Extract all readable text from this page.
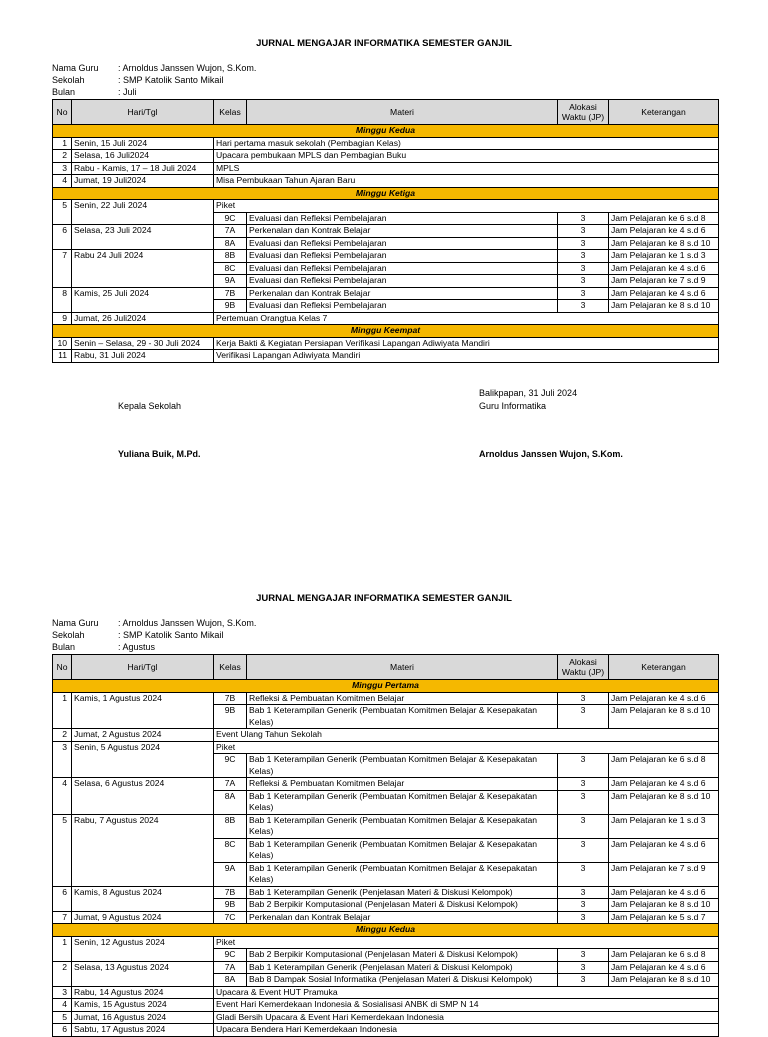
JURNAL MENGAJAR INFORMATIKA SEMESTER GANJIL
Nama Guru	: Arnoldus Janssen Wujon, S.Kom.
Sekolah	: SMP Katolik Santo Mikail
Bulan	: Juli
No	Hari/Tgl	Kelas	Materi	Alokasi Waktu (JP)	Keterangan
Minggu Kedua					
1	Senin, 15 Juli 2024	Hari pertama masuk sekolah (Pembagian Kelas)			
2	Selasa, 16 Juli2024	Upacara pembukaan MPLS dan Pembagian Buku			
3	Rabu - Kamis, 17 – 18 Juli 2024	MPLS			
4	Jumat, 19 Juli2024	Misa Pembukaan Tahun Ajaran Baru			
Minggu Ketiga					
5	Senin, 22 Juli 2024	Piket			
		9C	Evaluasi dan Refleksi Pembelajaran	3	Jam Pelajaran ke 6 s.d 8
6	Selasa, 23 Juli 2024	7A	Perkenalan dan Kontrak Belajar	3	Jam Pelajaran ke 4 s.d 6
		8A	Evaluasi dan Refleksi Pembelajaran	3	Jam Pelajaran ke 8 s.d 10
7	Rabu 24 Juli 2024	8B	Evaluasi dan Refleksi Pembelajaran	3	Jam Pelajaran ke 1 s.d 3
		8C	Evaluasi dan Refleksi Pembelajaran	3	Jam Pelajaran ke 4 s.d 6
		9A	Evaluasi dan Refleksi Pembelajaran	3	Jam Pelajaran ke 7 s.d 9
8	Kamis, 25 Juli 2024	7B	Perkenalan dan Kontrak Belajar	3	Jam Pelajaran ke 4 s.d 6
		9B	Evaluasi dan Refleksi Pembelajaran	3	Jam Pelajaran ke 8 s.d 10
9	Jumat, 26 Juli2024	Pertemuan Orangtua Kelas 7			
Minggu Keempat					
10	Senin – Selasa, 29 - 30 Juli 2024	Kerja Bakti & Kegiatan Persiapan Verifikasi Lapangan Adiwiyata Mandiri			
11	Rabu, 31 Juli 2024	Verifikasi Lapangan Adiwiyata Mandiri			
Balikpapan, 31 Juli 2024
Guru Informatika
Kepala Sekolah
Yuliana Buik, M.Pd.	Arnoldus Janssen Wujon, S.Kom.
JURNAL MENGAJAR INFORMATIKA SEMESTER GANJIL
Nama Guru	: Arnoldus Janssen Wujon, S.Kom.
Sekolah	: SMP Katolik Santo Mikail
Bulan	: Agustus
No	Hari/Tgl	Kelas	Materi	Alokasi Waktu (JP)	Keterangan
Minggu Pertama					
1	Kamis, 1 Agustus 2024	7B	Refleksi & Pembuatan Komitmen Belajar	3	Jam Pelajaran ke 4 s.d 6
		9B	Bab 1 Keterampilan Generik (Pembuatan Komitmen Belajar & Kesepakatan Kelas)	3	Jam Pelajaran ke 8 s.d 10
2	Jumat, 2 Agustus 2024	Event Ulang Tahun Sekolah			
3	Senin, 5 Agustus 2024	Piket			
		9C	Bab 1 Keterampilan Generik (Pembuatan Komitmen Belajar & Kesepakatan Kelas)	3	Jam Pelajaran ke 6 s.d 8
4	Selasa, 6 Agustus 2024	7A	Refleksi & Pembuatan Komitmen Belajar	3	Jam Pelajaran ke 4 s.d 6
		8A	Bab 1 Keterampilan Generik (Pembuatan Komitmen Belajar & Kesepakatan Kelas)	3	Jam Pelajaran ke 8 s.d 10
5	Rabu, 7 Agustus 2024	8B	Bab 1 Keterampilan Generik (Pembuatan Komitmen Belajar & Kesepakatan Kelas)	3	Jam Pelajaran ke 1 s.d 3
		8C	Bab 1 Keterampilan Generik (Pembuatan Komitmen Belajar & Kesepakatan Kelas)	3	Jam Pelajaran ke 4 s.d 6
		9A	Bab 1 Keterampilan Generik (Pembuatan Komitmen Belajar & Kesepakatan Kelas)	3	Jam Pelajaran ke 7 s.d 9
6	Kamis, 8 Agustus 2024	7B	Bab 1 Keterampilan Generik (Penjelasan Materi & Diskusi Kelompok)	3	Jam Pelajaran ke 4 s.d 6
		9B	Bab 2 Berpikir Komputasional (Penjelasan Materi & Diskusi Kelompok)	3	Jam Pelajaran ke 8 s.d 10
7	Jumat, 9 Agustus 2024	7C	Perkenalan dan Kontrak Belajar	3	Jam Pelajaran ke 5 s.d 7
Minggu Kedua					
1	Senin, 12 Agustus 2024	Piket			
		9C	Bab 2 Berpikir Komputasional (Penjelasan Materi & Diskusi Kelompok)	3	Jam Pelajaran ke 6 s.d 8
2	Selasa, 13 Agustus 2024	7A	Bab 1 Keterampilan Generik (Penjelasan Materi & Diskusi Kelompok)	3	Jam Pelajaran ke 4 s.d 6
		8A	Bab 8 Dampak Sosial Informatika (Penjelasan Materi & Diskusi Kelompok)	3	Jam Pelajaran ke 8 s.d 10
3	Rabu, 14 Agustus 2024	Upacara & Event HUT Pramuka			
4	Kamis, 15 Agustus 2024	Event Hari Kemerdekaan Indonesia & Sosialisasi ANBK di SMP N 14			
5	Jumat, 16 Agustus 2024	Gladi Bersih Upacara & Event Hari Kemerdekaan Indonesia			
6	Sabtu, 17 Agustus 2024	Upacara Bendera Hari Kemerdekaan Indonesia			
